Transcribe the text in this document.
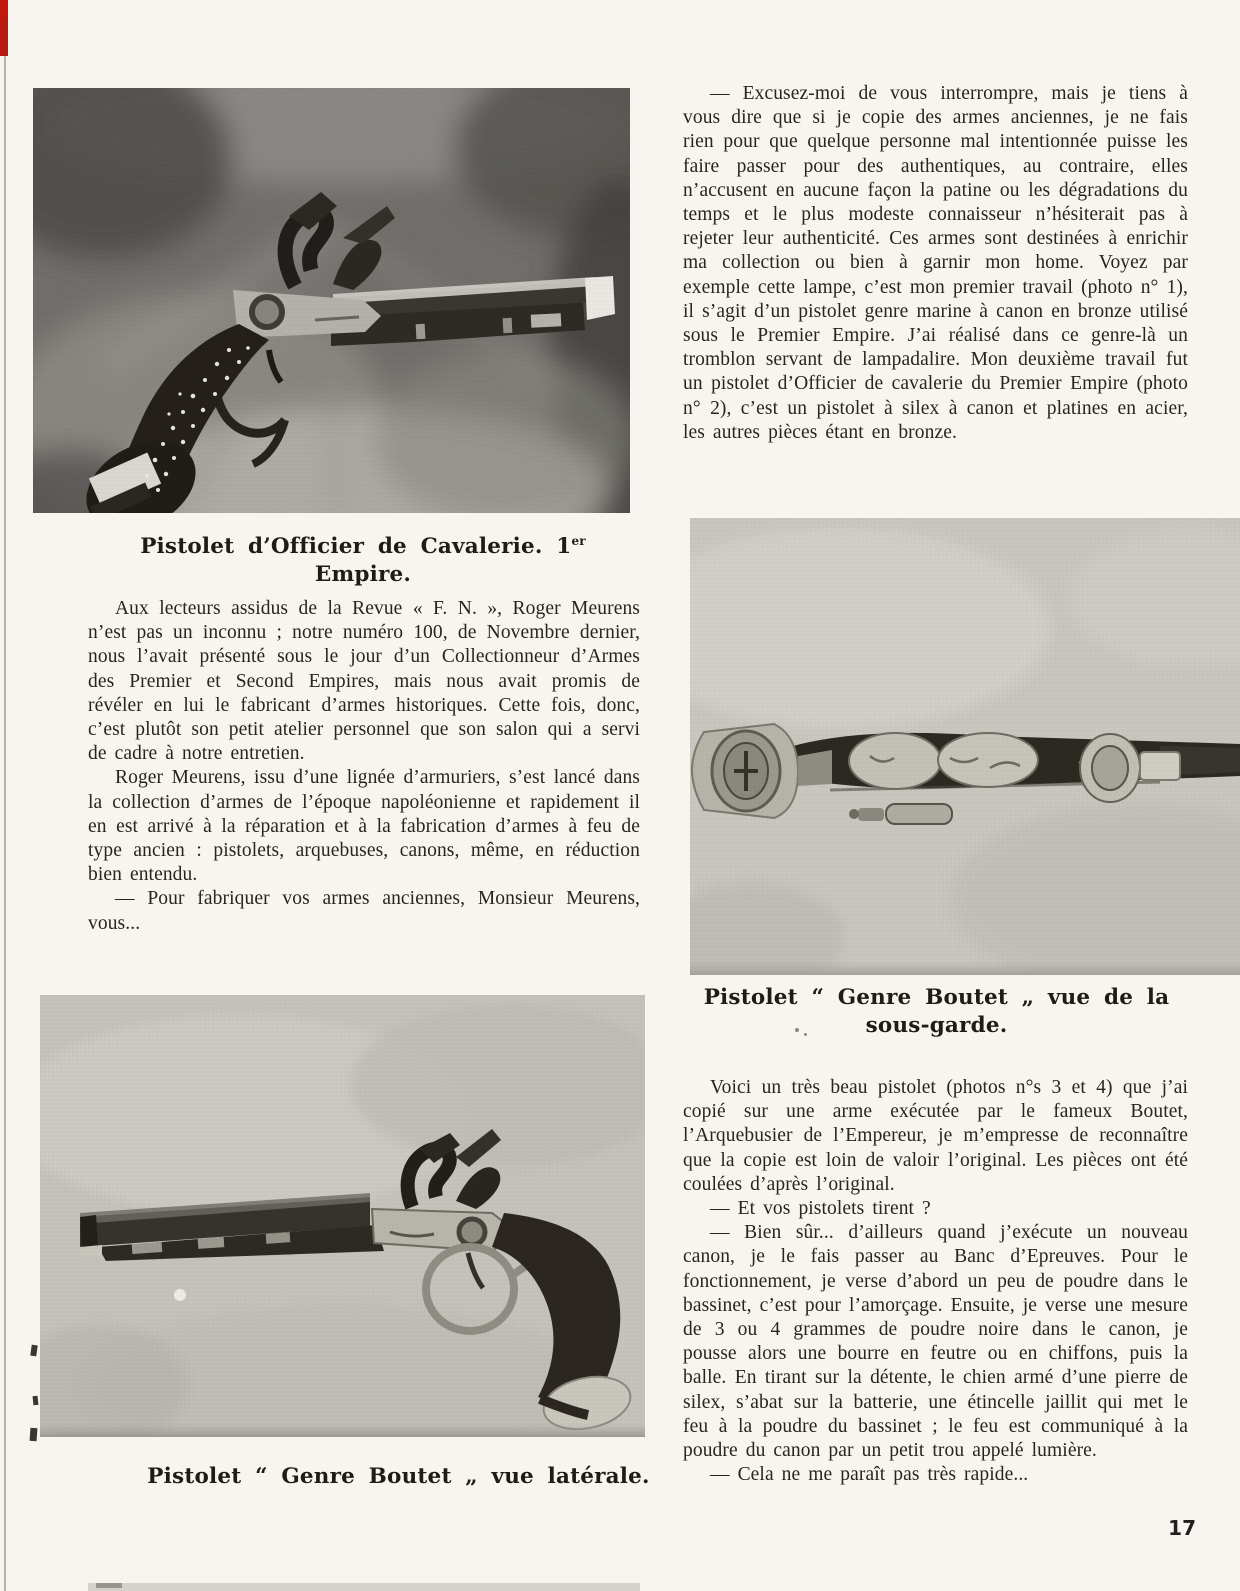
Pistolet d’Officier de Cavalerie. 1er Empire.

Aux lecteurs assidus de la Revue « F. N. », Roger Meurens n’est pas un inconnu ; notre numéro 100, de Novembre dernier, nous l’avait présenté sous le jour d’un Collectionneur d’Armes des Premier et Second Empires, mais nous avait promis de révéler en lui le fabricant d’armes historiques. Cette fois, donc, c’est plutôt son petit atelier personnel que son salon qui a servi de cadre à notre entretien.

Roger Meurens, issu d’une lignée d’armuriers, s’est lancé dans la collection d’armes de l’époque napoléonienne et rapidement il en est arrivé à la réparation et à la fabrication d’armes à feu de type ancien : pistolets, arquebuses, canons, même, en réduction bien entendu.

— Pour fabriquer vos armes anciennes, Monsieur Meurens, vous...

— Excusez-moi de vous interrompre, mais je tiens à vous dire que si je copie des armes anciennes, je ne fais rien pour que quelque personne mal intentionnée puisse les faire passer pour des authentiques, au contraire, elles n’accusent en aucune façon la patine ou les dégradations du temps et le plus modeste connaisseur n’hésiterait pas à rejeter leur authenticité. Ces armes sont destinées à enrichir ma collection ou bien à garnir mon home. Voyez par exemple cette lampe, c’est mon premier travail (photo n° 1), il s’agit d’un pistolet genre marine à canon en bronze utilisé sous le Premier Empire. J’ai réalisé dans ce genre-là un tromblon servant de lampadalire. Mon deuxième travail fut un pistolet d’Officier de cavalerie du Premier Empire (photo n° 2), c’est un pistolet à silex à canon et platines en acier, les autres pièces étant en bronze.

Pistolet “ Genre Boutet „ vue de la sous-garde.

Voici un très beau pistolet (photos n°s 3 et 4) que j’ai copié sur une arme exécutée par le fameux Boutet, l’Arquebusier de l’Empereur, je m’empresse de reconnaître que la copie est loin de valoir l’original. Les pièces ont été coulées d’après l’original.

— Et vos pistolets tirent ?

— Bien sûr... d’ailleurs quand j’exécute un nouveau canon, je le fais passer au Banc d’Epreuves. Pour le fonctionnement, je verse d’abord un peu de poudre dans le bassinet, c’est pour l’amorçage. Ensuite, je verse une mesure de 3 ou 4 grammes de poudre noire dans le canon, je pousse alors une bourre en feutre ou en chiffons, puis la balle. En tirant sur la détente, le chien armé d’une pierre de silex, s’abat sur la batterie, une étincelle jaillit qui met le feu à la poudre du bassinet ; le feu est communiqué à la poudre du canon par un petit trou appelé lumière.

— Cela ne me paraît pas très rapide...

Pistolet “ Genre Boutet „ vue latérale.
17
